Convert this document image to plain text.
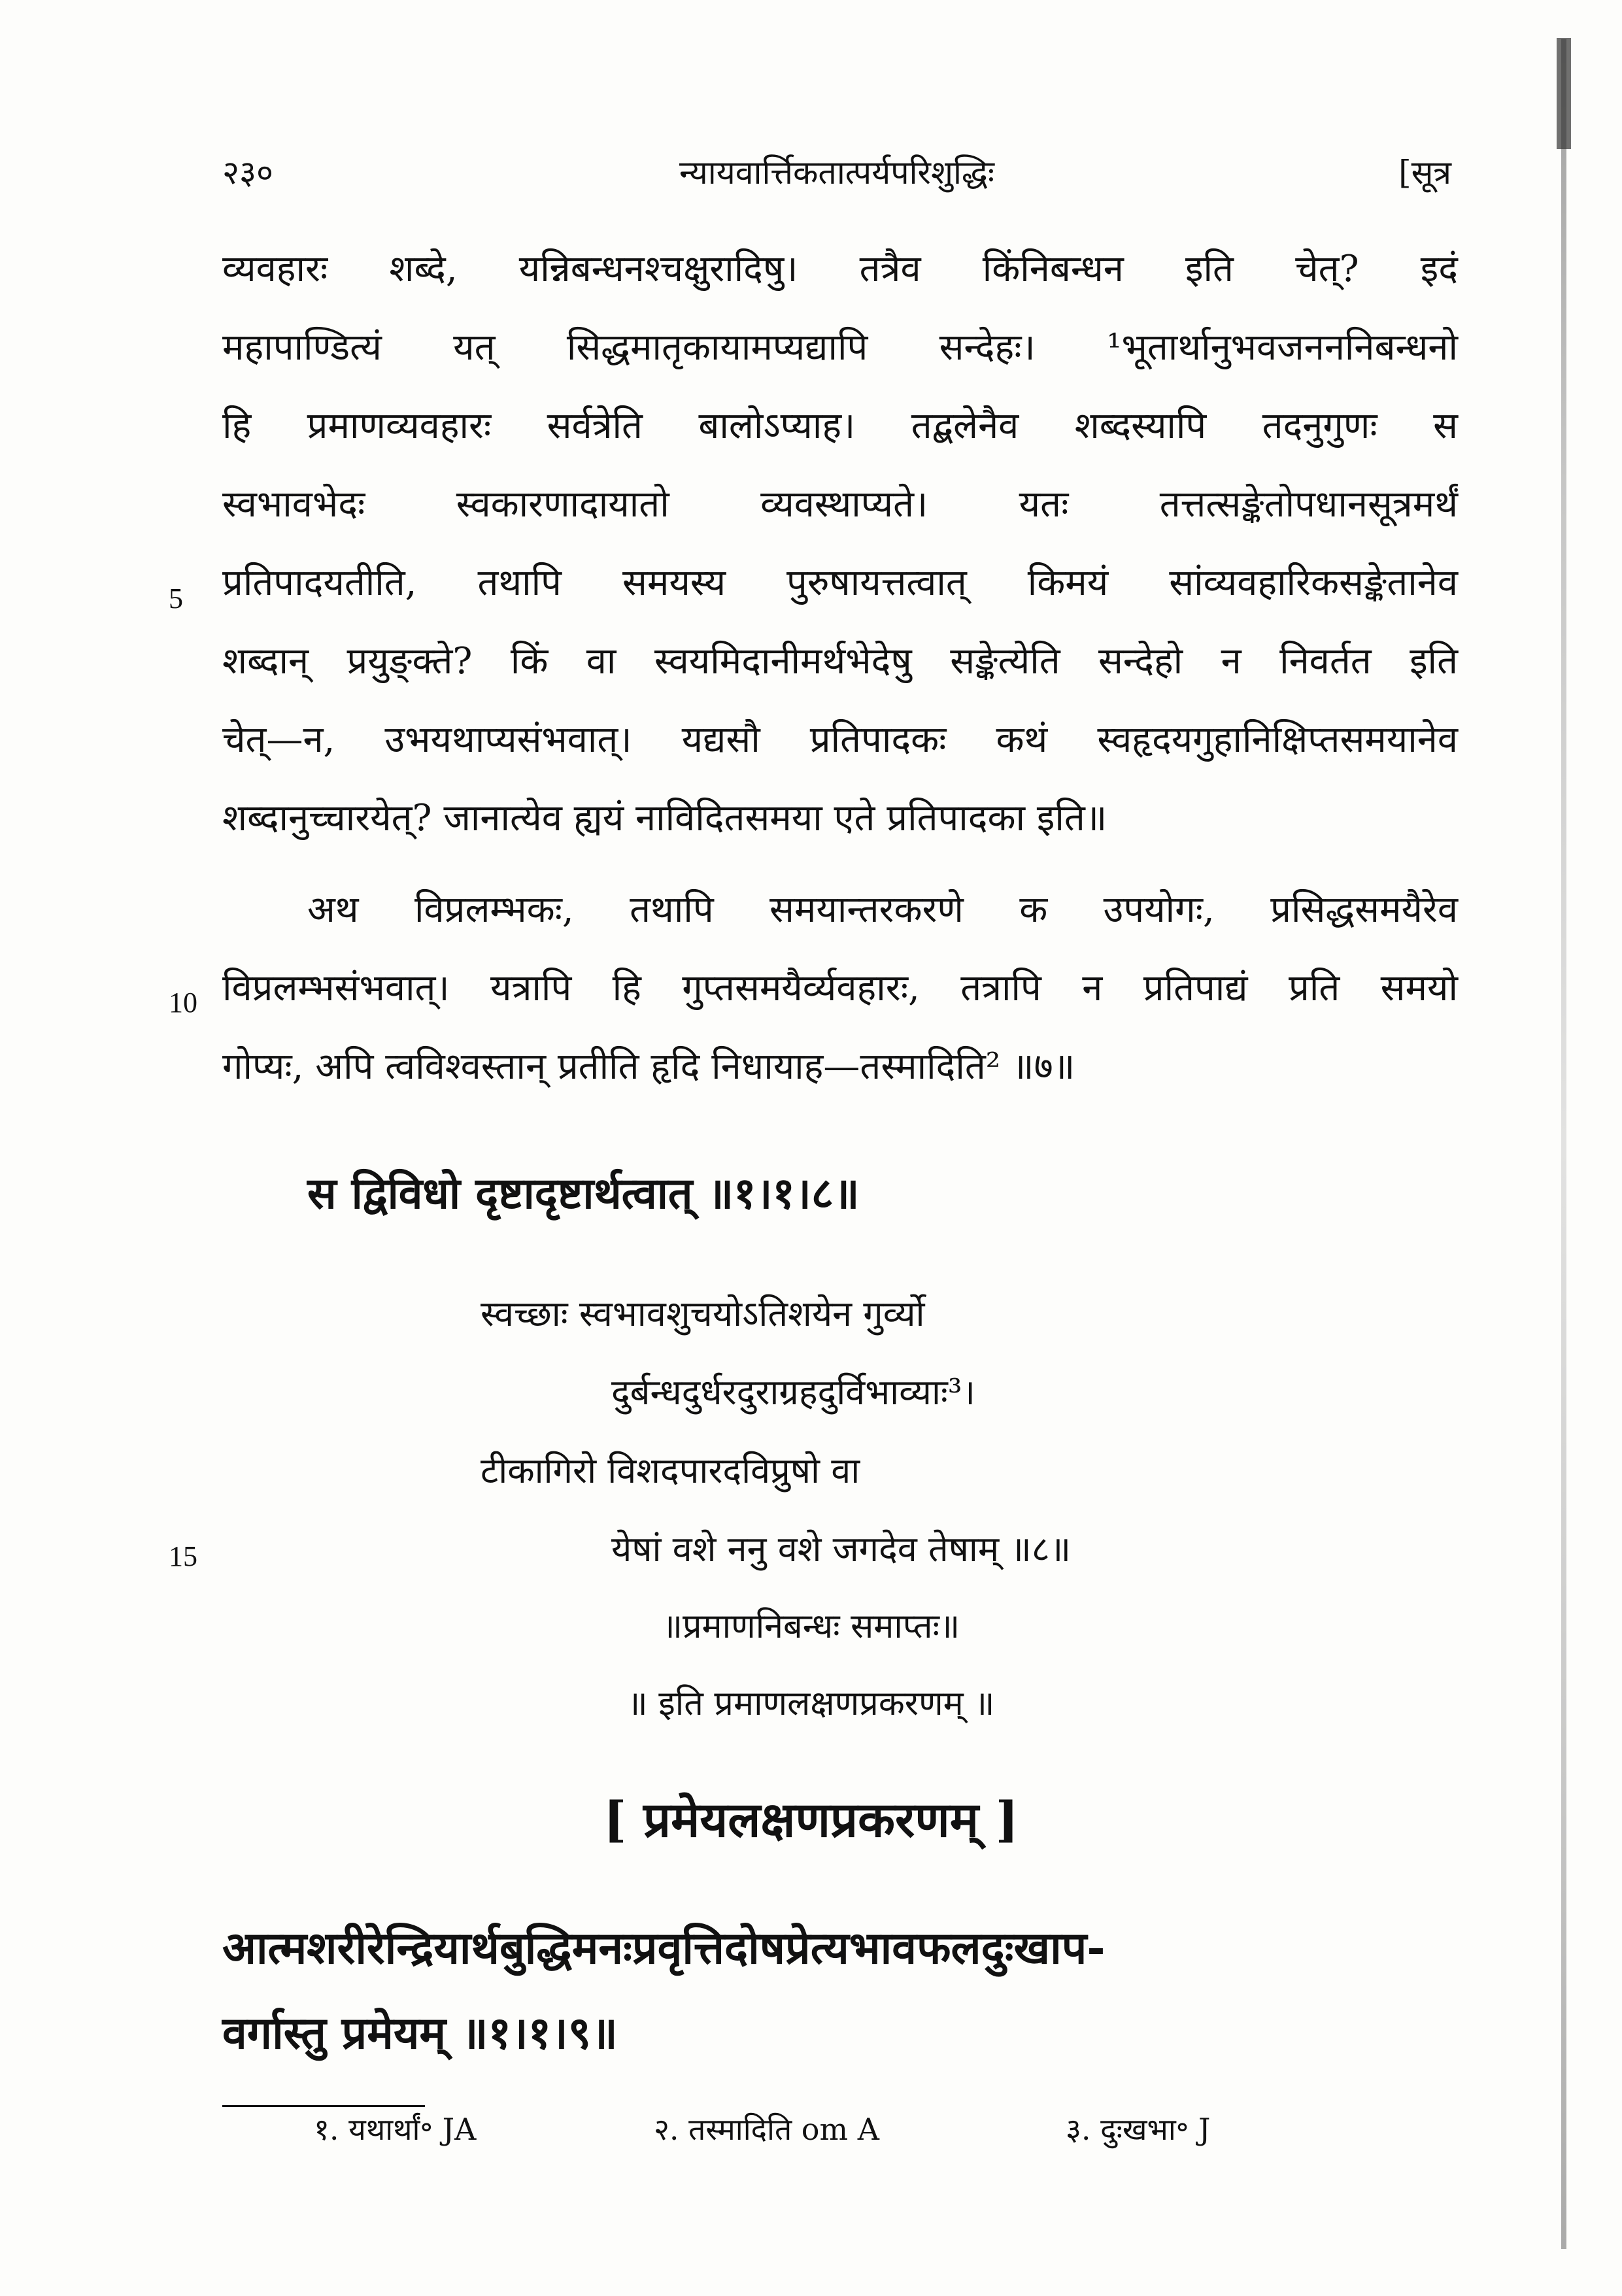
२३०	न्यायवार्त्तिकतात्पर्यपरिशुद्धिः	[सूत्र
व्यवहारः शब्दे, यन्निबन्धनश्चक्षुरादिषु। तत्रैव किंनिबन्धन इति चेत्? इदं
महापाण्डित्यं यत् सिद्धमातृकायामप्यद्यापि सन्देहः। ¹भूतार्थानुभवजनननिबन्धनो
हि प्रमाणव्यवहारः सर्वत्रेति बालोऽप्याह। तद्बलेनैव शब्दस्यापि तदनुगुणः स
स्वभावभेदः स्वकारणादायातो व्यवस्थाप्यते। यतः तत्तत्सङ्केतोपधानसूत्रमर्थं
5 प्रतिपादयतीति, तथापि समयस्य पुरुषायत्तत्वात् किमयं सांव्यवहारिकसङ्केतानेव
शब्दान् प्रयुङ्क्ते? किं वा स्वयमिदानीमर्थभेदेषु सङ्केत्येति सन्देहो न निवर्तत इति
चेत्—न, उभयथाप्यसंभवात्। यद्यसौ प्रतिपादकः कथं स्वहृदयगुहानिक्षिप्तसमयानेव
शब्दानुच्चारयेत्? जानात्येव ह्ययं नाविदितसमया एते प्रतिपादका इति॥
अथ विप्रलम्भकः, तथापि समयान्तरकरणे क उपयोगः, प्रसिद्धसमयैरेव
10 विप्रलम्भसंभवात्। यत्रापि हि गुप्तसमयैर्व्यवहारः, तत्रापि न प्रतिपाद्यं प्रति समयो
गोप्यः, अपि त्वविश्वस्तान् प्रतीति हृदि निधायाह—तस्मादिति² ॥७॥
स द्विविधो दृष्टादृष्टार्थत्वात् ॥१।१।८॥
स्वच्छाः स्वभावशुचयोऽतिशयेन गुर्व्यो
दुर्बन्धदुर्धरदुराग्रहदुर्विभाव्याः³।
टीकागिरो विशदपारदविप्रुषो वा
15	येषां वशे ननु वशे जगदेव तेषाम् ॥८॥
॥प्रमाणनिबन्धः समाप्तः॥
॥ इति प्रमाणलक्षणप्रकरणम् ॥
[ प्रमेयलक्षणप्रकरणम् ]
आत्मशरीरेन्द्रियार्थबुद्धिमनःप्रवृत्तिदोषप्रेत्यभावफलदुःखाप-
वर्गास्तु प्रमेयम् ॥१।१।९॥
१. यथार्थां॰ JA	२. तस्मादिति om A	३. दुःखभा॰ J
